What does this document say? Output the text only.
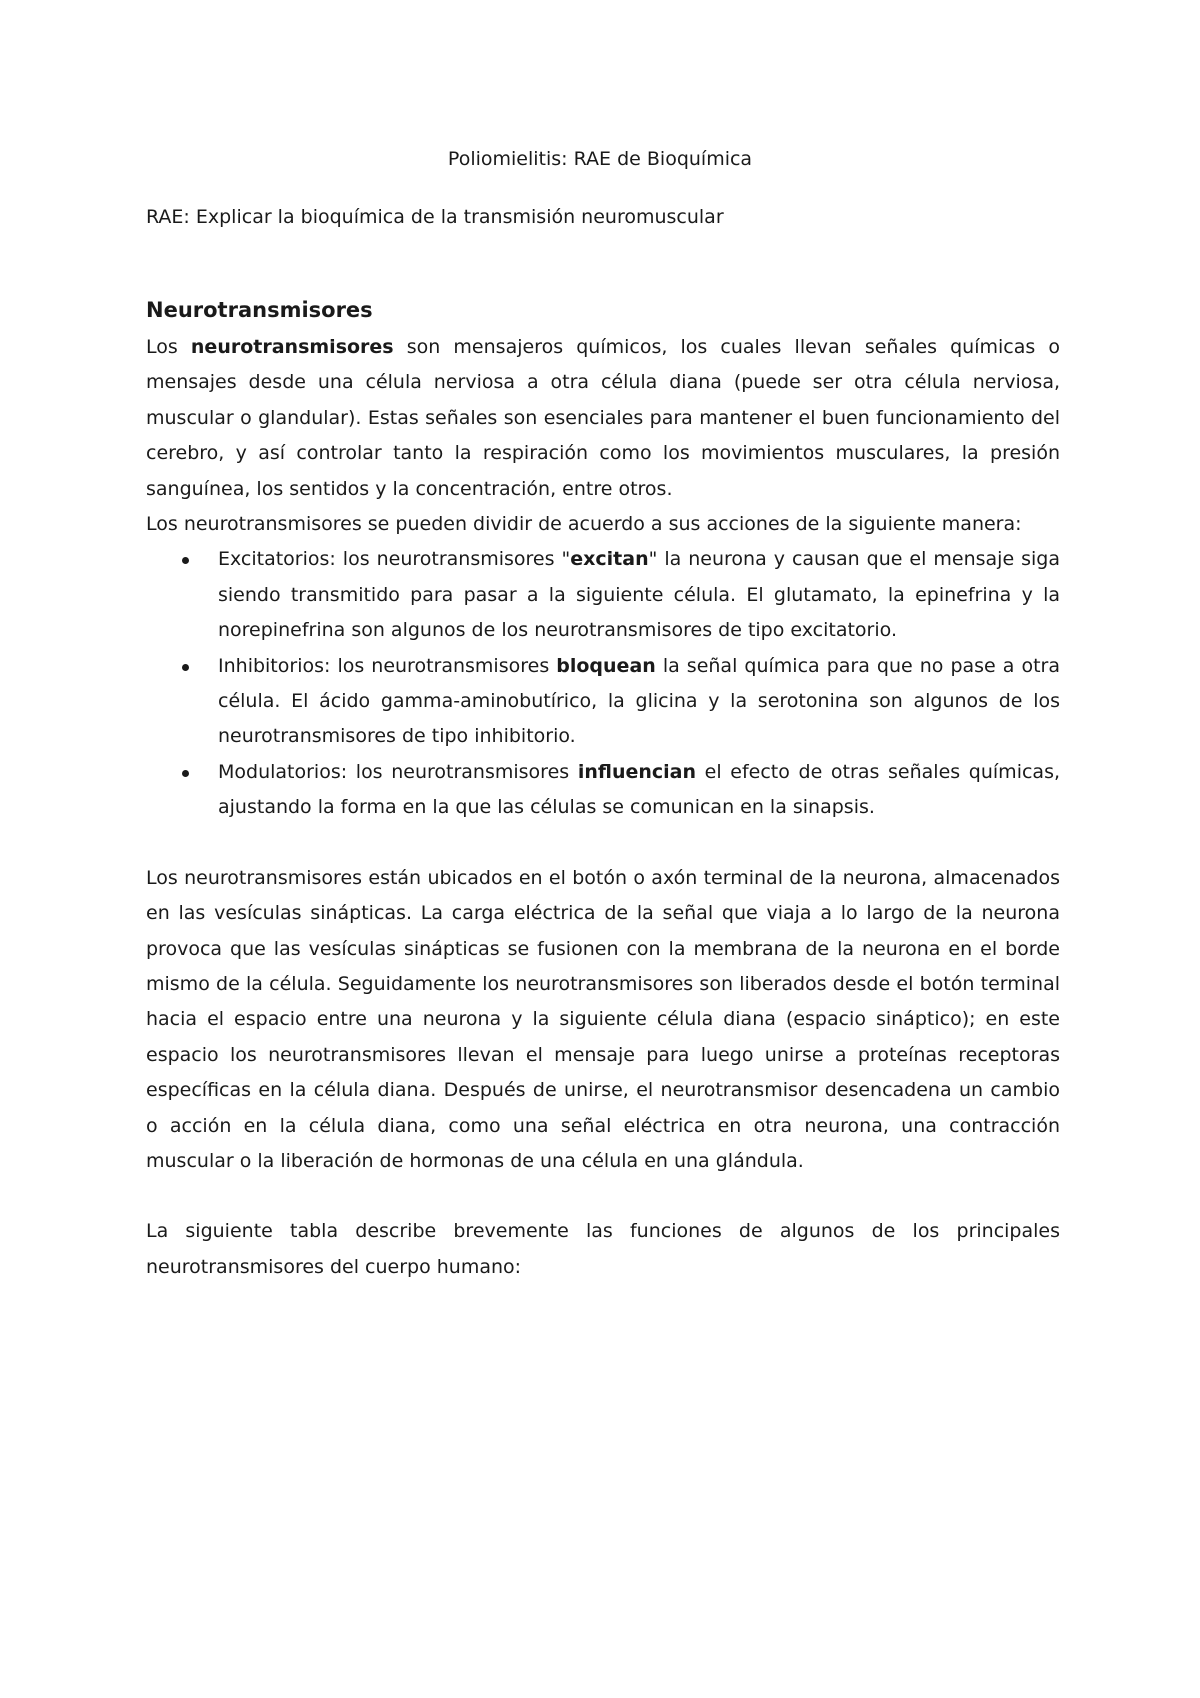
Poliomielitis: RAE de Bioquímica

RAE: Explicar la bioquímica de la transmisión neuromuscular

Neurotransmisores

Los neurotransmisores son mensajeros químicos, los cuales llevan señales químicas o mensajes desde una célula nerviosa a otra célula diana (puede ser otra célula nerviosa, muscular o glandular). Estas señales son esenciales para mantener el buen funcionamiento del cerebro, y así controlar tanto la respiración como los movimientos musculares, la presión sanguínea, los sentidos y la concentración, entre otros.

Los neurotransmisores se pueden dividir de acuerdo a sus acciones de la siguiente manera:

Excitatorios: los neurotransmisores "excitan" la neurona y causan que el mensaje siga siendo transmitido para pasar a la siguiente célula. El glutamato, la epinefrina y la norepinefrina son algunos de los neurotransmisores de tipo excitatorio.
Inhibitorios: los neurotransmisores bloquean la señal química para que no pase a otra célula. El ácido gamma-aminobutírico, la glicina y la serotonina son algunos de los neurotransmisores de tipo inhibitorio.
Modulatorios: los neurotransmisores influencian el efecto de otras señales químicas, ajustando la forma en la que las células se comunican en la sinapsis.

Los neurotransmisores están ubicados en el botón o axón terminal de la neurona, almacenados en las vesículas sinápticas. La carga eléctrica de la señal que viaja a lo largo de la neurona provoca que las vesículas sinápticas se fusionen con la membrana de la neurona en el borde mismo de la célula. Seguidamente los neurotransmisores son liberados desde el botón terminal hacia el espacio entre una neurona y la siguiente célula diana (espacio sináptico); en este espacio los neurotransmisores llevan el mensaje para luego unirse a proteínas receptoras específicas en la célula diana. Después de unirse, el neurotransmisor desencadena un cambio o acción en la célula diana, como una señal eléctrica en otra neurona, una contracción muscular o la liberación de hormonas de una célula en una glándula.

La siguiente tabla describe brevemente las funciones de algunos de los principales neurotransmisores del cuerpo humano:
